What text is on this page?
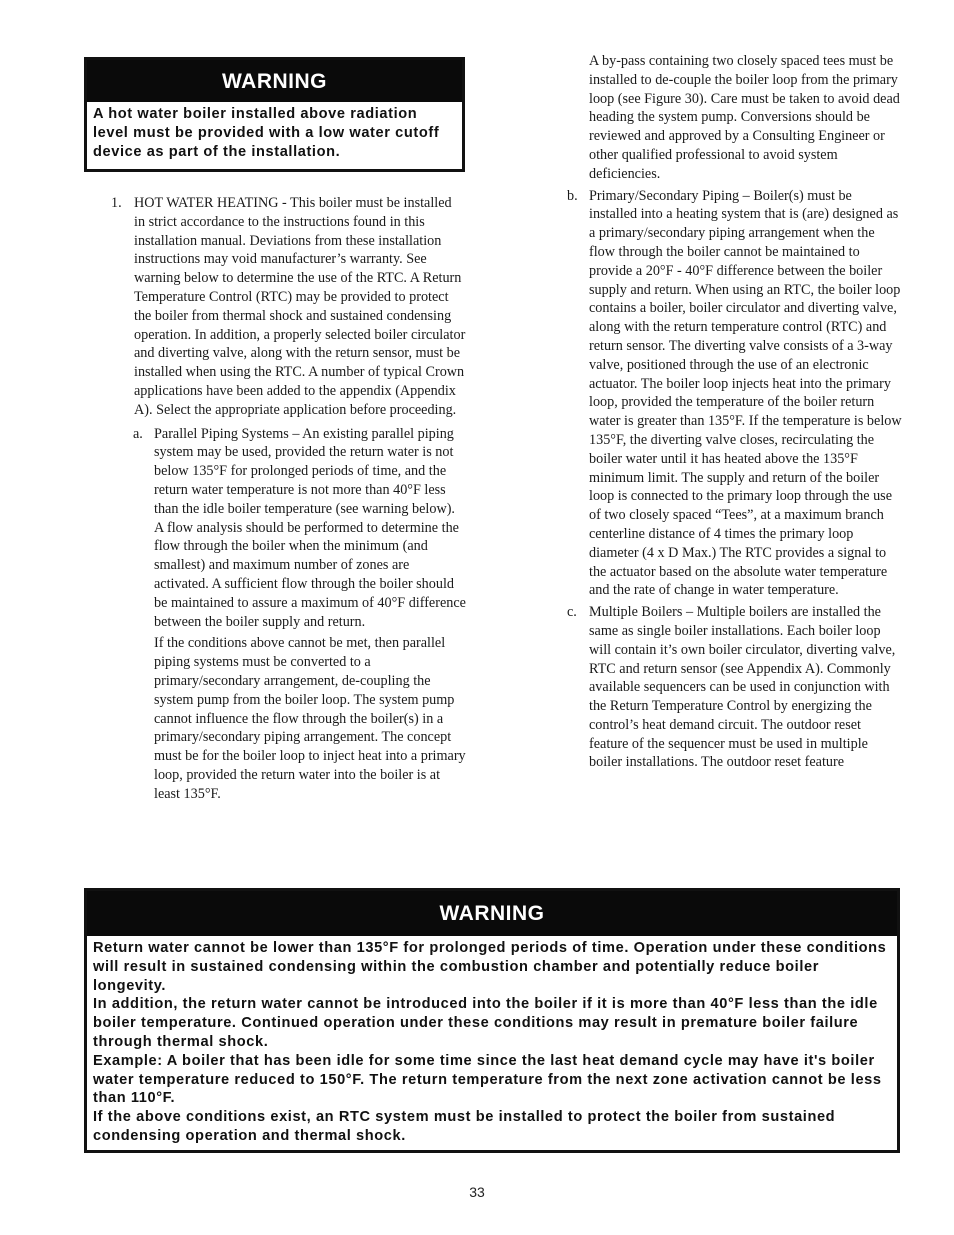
WARNING
A hot water boiler installed above radiation level must be provided with a low water cutoff device as part of the installation.
1. HOT WATER HEATING - This boiler must be installed in strict accordance to the instructions found in this installation manual. Deviations from these installation instructions may void manufacturer’s warranty. See warning below to determine the use of the RTC. A Return Temperature Control (RTC) may be provided to protect the boiler from thermal shock and sustained condensing operation. In addition, a properly selected boiler circulator and diverting valve, along with the return sensor, must be installed when using the RTC. A number of typical Crown applications have been added to the appendix (Appendix A). Select the appropriate application before proceeding.

a. Parallel Piping Systems – An existing parallel piping system may be used, provided the return water is not below 135°F for prolonged periods of time, and the return water temperature is not more than 40°F less than the idle boiler temperature (see warning below). A flow analysis should be performed to determine the flow through the boiler when the minimum (and smallest) and maximum number of zones are activated. A sufficient flow through the boiler should be maintained to assure a maximum of 40°F difference between the boiler supply and return.

If the conditions above cannot be met, then parallel piping systems must be converted to a primary/secondary arrangement, de-coupling the system pump from the boiler loop. The system pump cannot influence the flow through the boiler(s) in a primary/secondary piping arrangement. The concept must be for the boiler loop to inject heat into a primary loop, provided the return water into the boiler is at least 135°F.

A by-pass containing two closely spaced tees must be installed to de-couple the boiler loop from the primary loop (see Figure 30). Care must be taken to avoid dead heading the system pump. Conversions should be reviewed and approved by a Consulting Engineer or other qualified professional to avoid system deficiencies.

b. Primary/Secondary Piping – Boiler(s) must be installed into a heating system that is (are) designed as a primary/secondary piping arrangement when the flow through the boiler cannot be maintained to provide a 20°F - 40°F difference between the boiler supply and return. When using an RTC, the boiler loop contains a boiler, boiler circulator and diverting valve, along with the return temperature control (RTC) and return sensor. The diverting valve consists of a 3-way valve, positioned through the use of an electronic actuator. The boiler loop injects heat into the primary loop, provided the temperature of the boiler return water is greater than 135°F. If the temperature is below 135°F, the diverting valve closes, recirculating the boiler water until it has heated above the 135°F minimum limit. The supply and return of the boiler loop is connected to the primary loop through the use of two closely spaced “Tees”, at a maximum branch centerline distance of 4 times the primary loop diameter (4 x D Max.) The RTC provides a signal to the actuator based on the absolute water temperature and the rate of change in water temperature.

c. Multiple Boilers – Multiple boilers are installed the same as single boiler installations. Each boiler loop will contain it’s own boiler circulator, diverting valve, RTC and return sensor (see Appendix A). Commonly available sequencers can be used in conjunction with the Return Temperature Control by energizing the control’s heat demand circuit. The outdoor reset feature of the sequencer must be used in multiple boiler installations. The outdoor reset feature

WARNING

Return water cannot be lower than 135°F for prolonged periods of time. Operation under these conditions will result in sustained condensing within the combustion chamber and potentially reduce boiler longevity.

In addition, the return water cannot be introduced into the boiler if it is more than 40°F less than the idle boiler temperature. Continued operation under these conditions may result in premature boiler failure through thermal shock.

Example: A boiler that has been idle for some time since the last heat demand cycle may have it's boiler water temperature reduced to 150°F. The return temperature from the next zone activation cannot be less than 110°F.

If the above conditions exist, an RTC system must be installed to protect the boiler from sustained condensing operation and thermal shock.

33
